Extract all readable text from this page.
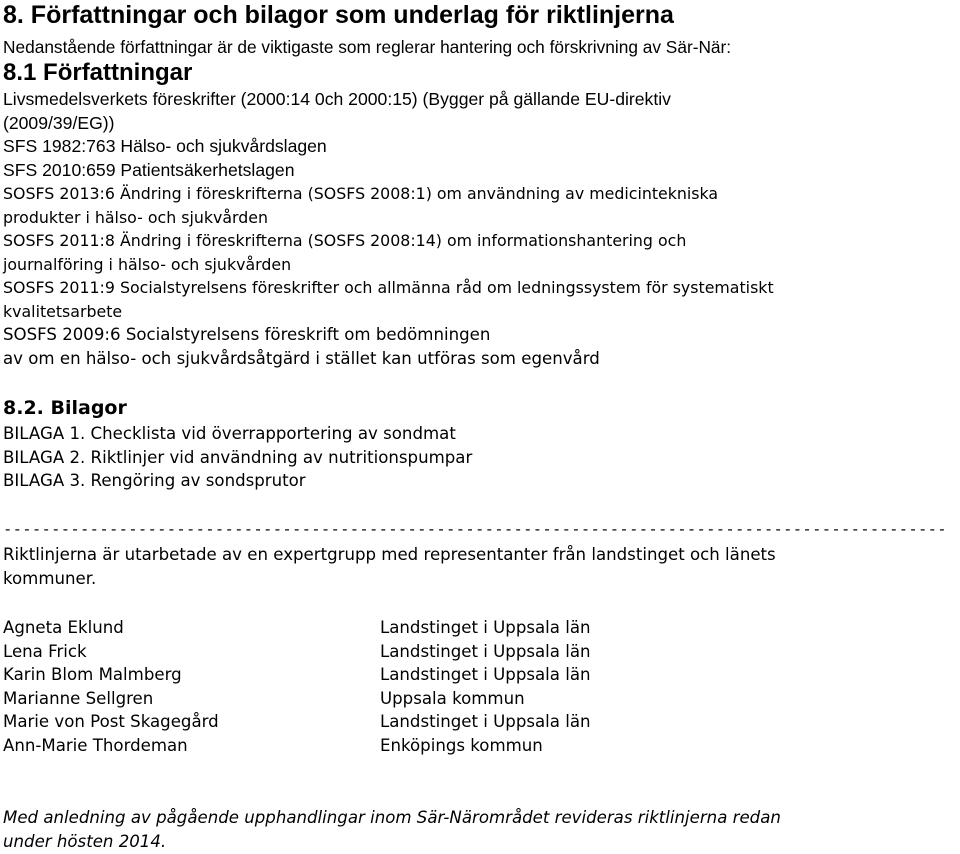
8. Författningar och bilagor som underlag för riktlinjerna
Nedanstående författningar är de viktigaste som reglerar hantering och förskrivning av Sär-När:
8.1 Författningar
Livsmedelsverkets föreskrifter (2000:14 0ch 2000:15) (Bygger på gällande EU-direktiv
(2009/39/EG))
SFS 1982:763 Hälso- och sjukvårdslagen
SFS 2010:659 Patientsäkerhetslagen
SOSFS 2013:6 Ändring i föreskrifterna (SOSFS 2008:1) om användning av medicintekniska
produkter i hälso- och sjukvården
SOSFS 2011:8 Ändring i föreskrifterna (SOSFS 2008:14) om informationshantering och
journalföring i hälso- och sjukvården
SOSFS 2011:9 Socialstyrelsens föreskrifter och allmänna råd om ledningssystem för systematiskt
kvalitetsarbete
SOSFS 2009:6 Socialstyrelsens föreskrift om bedömningen
av om en hälso- och sjukvårdsåtgärd i stället kan utföras som egenvård
8.2. Bilagor
BILAGA 1. Checklista vid överrapportering av sondmat
BILAGA 2. Riktlinjer vid användning av nutritionspumpar
BILAGA 3. Rengöring av sondsprutor
--------------------------------------------------------------------------------------------------
Riktlinjerna är utarbetade av en expertgrupp med representanter från landstinget och länets
kommuner.
Agneta Eklund	Landstinget i Uppsala län
Lena Frick	Landstinget i Uppsala län
Karin Blom Malmberg	Landstinget i Uppsala län
Marianne Sellgren	Uppsala kommun
Marie von Post Skagegård	Landstinget i Uppsala län
Ann-Marie Thordeman	Enköpings kommun
Med anledning av pågående upphandlingar inom Sär-Närområdet revideras riktlinjerna redan
under hösten 2014.
